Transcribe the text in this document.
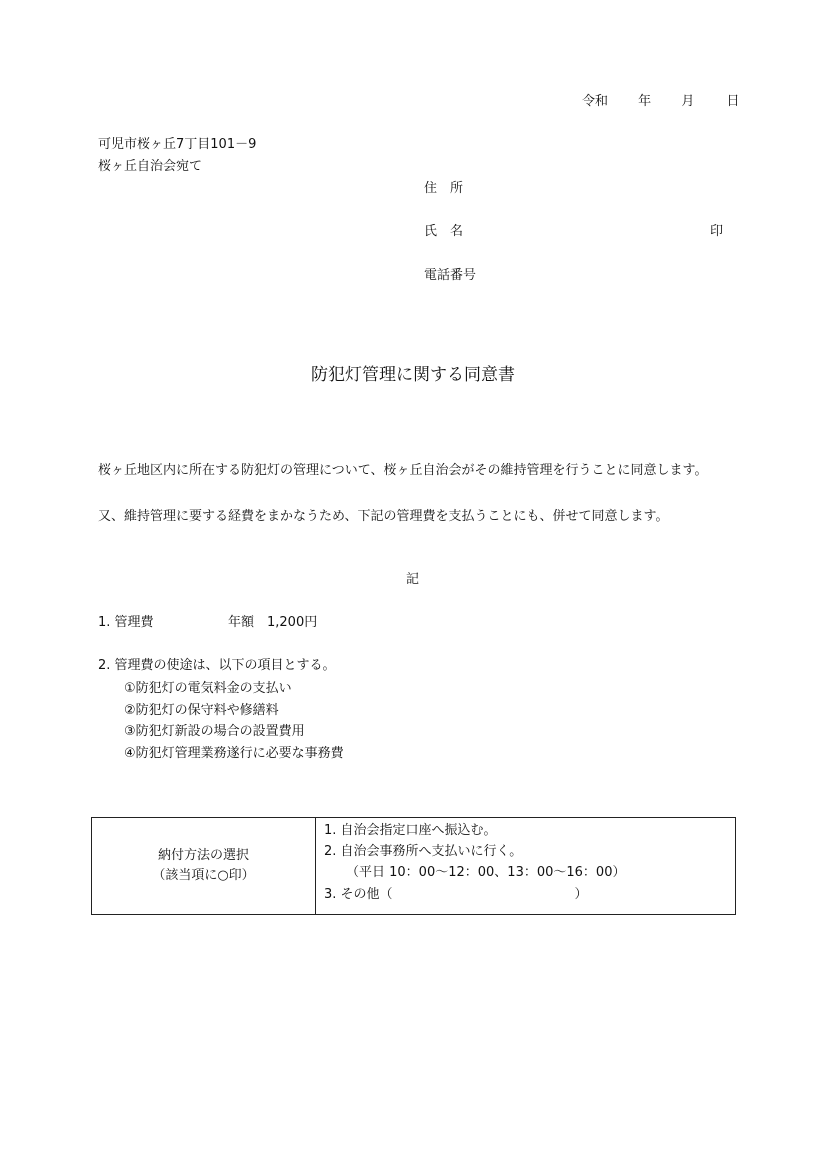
令和 年 月 日
可児市桜ヶ丘7丁目101－9
桜ヶ丘自治会宛て
住　所
氏　名	印
電話番号
防犯灯管理に関する同意書
桜ヶ丘地区内に所在する防犯灯の管理について、桜ヶ丘自治会がその維持管理を行うことに同意します。
又、維持管理に要する経費をまかなうため、下記の管理費を支払うことにも、併せて同意します。
記
1. 管理費	年額　1,200円
2. 管理費の使途は、以下の項目とする。
①防犯灯の電気料金の支払い
②防犯灯の保守料や修繕料
③防犯灯新設の場合の設置費用
④防犯灯管理業務遂行に必要な事務費
納付方法の選択
（該当項に○印）
1. 自治会指定口座へ振込む。
2. 自治会事務所へ支払いに行く。
（平日 10：00～12：00、13：00～16：00）
3. その他（　　　　　　　　　　　　　　）
